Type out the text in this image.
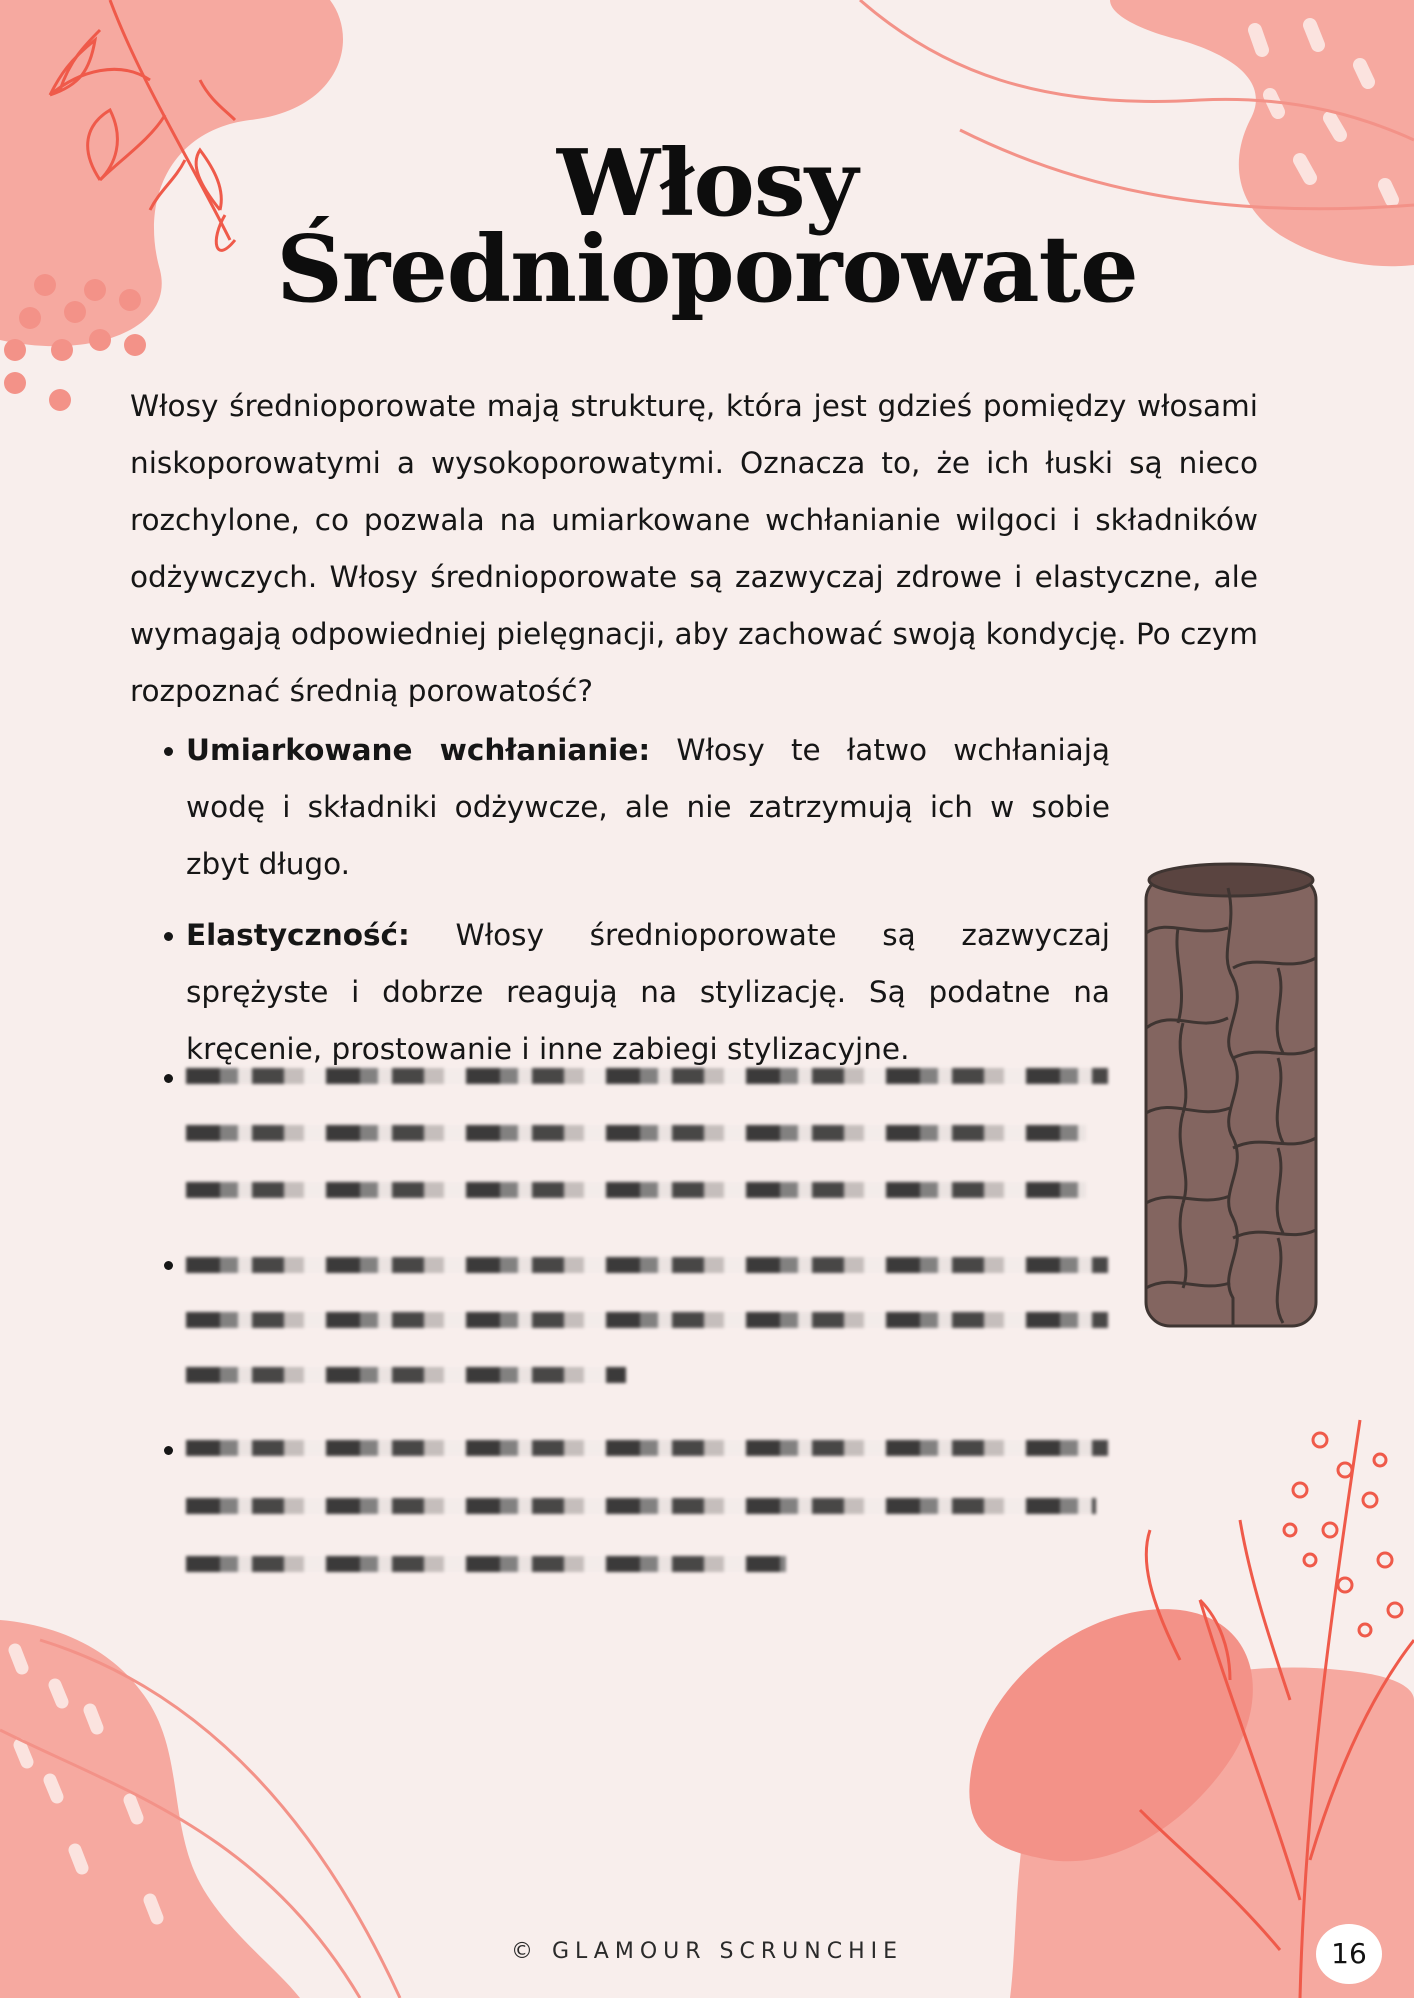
Włosy
Średnioporowate

Włosy średnioporowate mają strukturę, która jest gdzieś pomiędzy włosami niskoporowatymi a wysokoporowatymi. Oznacza to, że ich łuski są nieco rozchylone, co pozwala na umiarkowane wchłanianie wilgoci i składników odżywczych. Włosy średnioporowate są zazwyczaj zdrowe i elastyczne, ale wymagają odpowiedniej pielęgnacji, aby zachować swoją kondycję. Po czym rozpoznać średnią porowatość?

Umiarkowane wchłanianie: Włosy te łatwo wchłaniają wodę i składniki odżywcze, ale nie zatrzymują ich w sobie zbyt długo.
Elastyczność: Włosy średnioporowate są zazwyczaj sprężyste i dobrze reagują na stylizację. Są podatne na kręcenie, prostowanie i inne zabiegi stylizacyjne.
© GLAMOUR SCRUNCHIE	16
